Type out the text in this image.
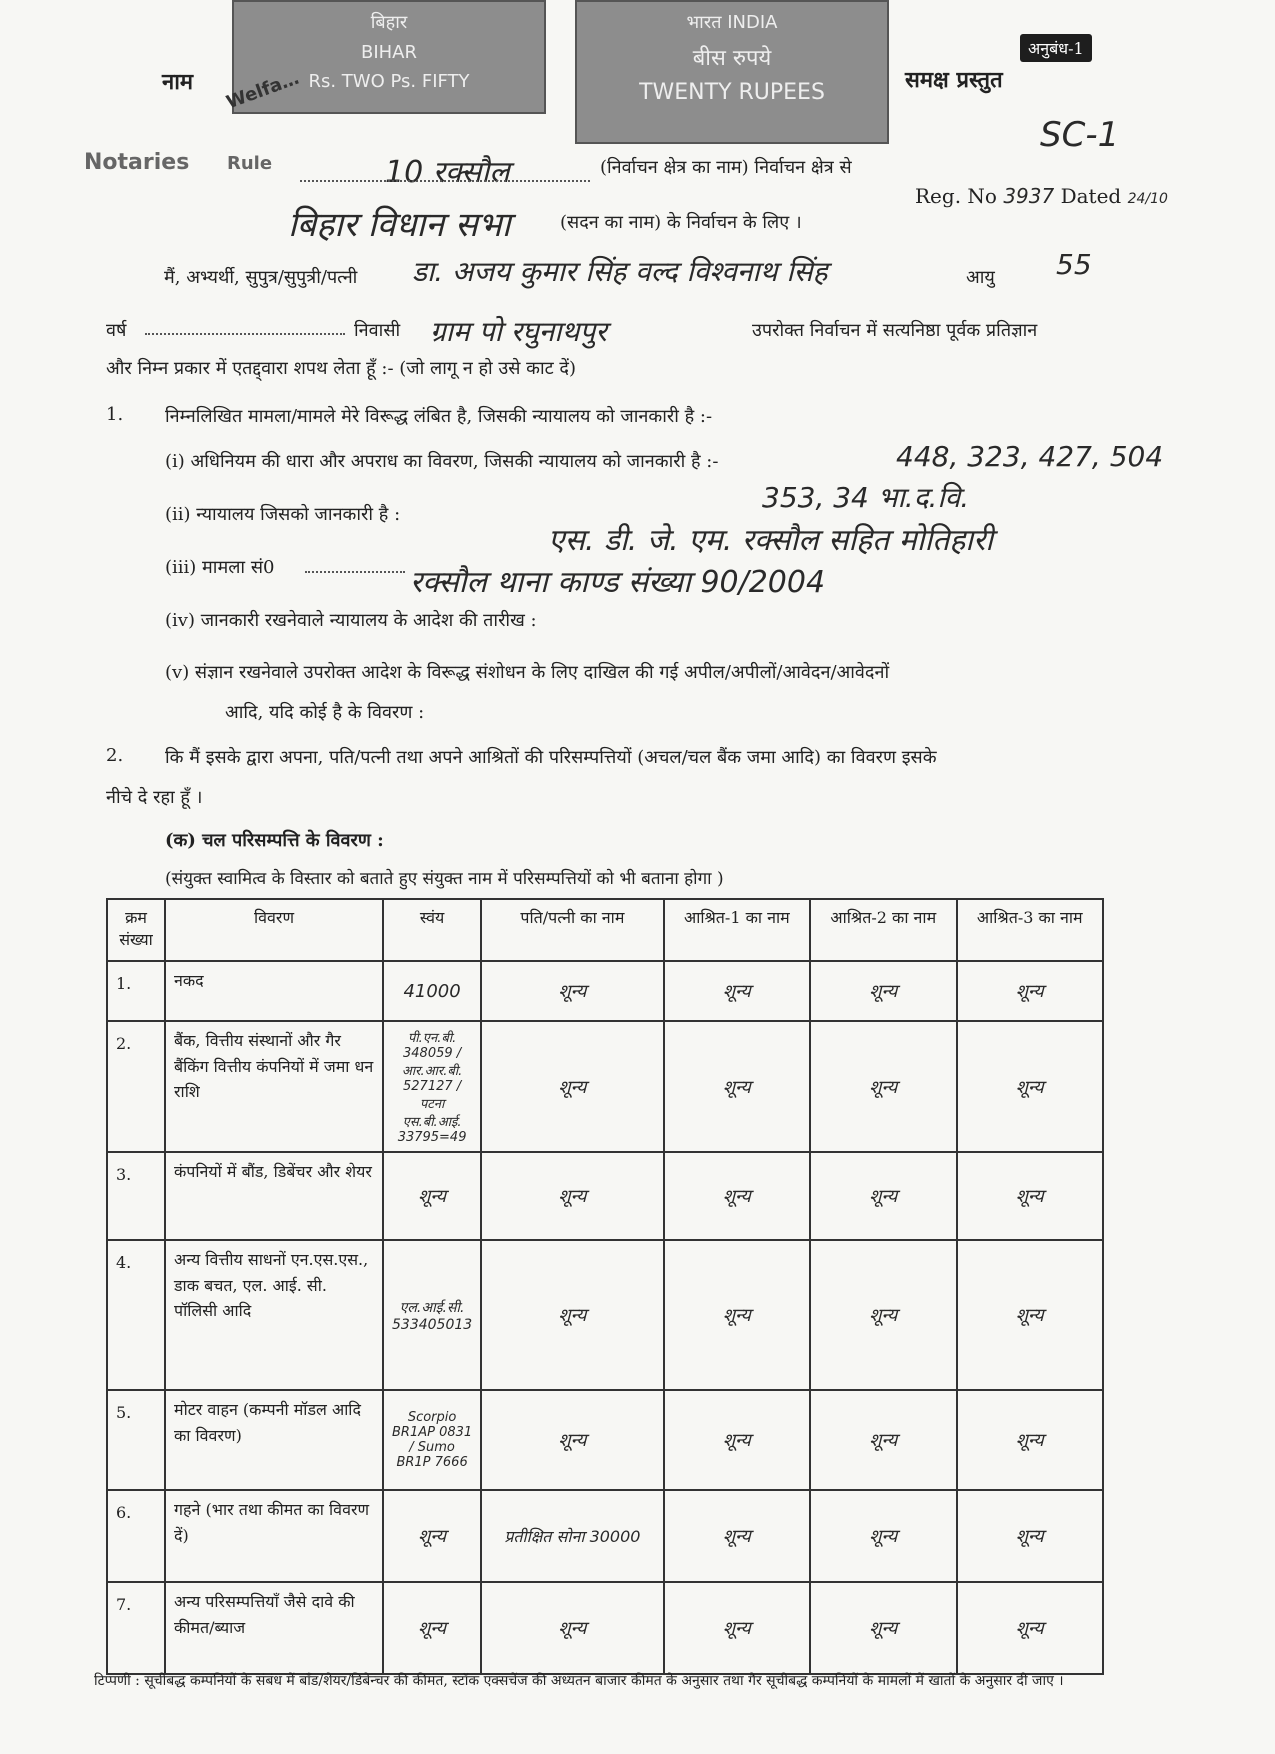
बिहार
BIHAR
Rs. TWO Ps. FIFTY
भारत INDIA
बीस रुपये
TWENTY RUPEES
अनुबंध-1
SC-1
नाम	समक्ष प्रस्तुत
Notaries Rule
Welfa…
10 रक्सौल	(निर्वाचन क्षेत्र का नाम) निर्वाचन क्षेत्र से
Reg. No 3937 Dated 24/10
बिहार विधान सभा	(सदन का नाम) के निर्वाचन के लिए ।
मैं, अभ्यर्थी, सुपुत्र/सुपुत्री/पत्नी डा. अजय कुमार सिंह वल्द विश्वनाथ सिंह	आयु 55
वर्ष	निवासी ग्राम पो रघुनाथपुर	उपरोक्त निर्वाचन में सत्यनिष्ठा पूर्वक प्रतिज्ञान
और निम्न प्रकार में एतद्द्वारा शपथ लेता हूँ :- (जो लागू न हो उसे काट दें)
1. निम्नलिखित मामला/मामले मेरे विरूद्ध लंबित है, जिसकी न्यायालय को जानकारी है :-
(i) अधिनियम की धारा और अपराध का विवरण, जिसकी न्यायालय को जानकारी है :-	448, 323, 427, 504
353, 34 भा.द.वि.
(ii) न्यायालय जिसको जानकारी है :
एस. डी. जे. एम. रक्सौल सहित मोतिहारी
(iii) मामला सं0	रक्सौल थाना काण्ड संख्या 90/2004
(iv) जानकारी रखनेवाले न्यायालय के आदेश की तारीख :
(v) संज्ञान रखनेवाले उपरोक्त आदेश के विरूद्ध संशोधन के लिए दाखिल की गई अपील/अपीलों/आवेदन/आवेदनों
आदि, यदि कोई है के विवरण :
2. कि मैं इसके द्वारा अपना, पति/पत्नी तथा अपने आश्रितों की परिसम्पत्तियों (अचल/चल बैंक जमा आदि) का विवरण इसके
नीचे दे रहा हूँ ।
(क) चल परिसम्पत्ति के विवरण :
(संयुक्त स्वामित्व के विस्तार को बताते हुए संयुक्त नाम में परिसम्पत्तियों को भी बताना होगा )
क्रम संख्या	विवरण	स्वंय	पति/पत्नी का नाम	आश्रित-1 का नाम	आश्रित-2 का नाम	आश्रित-3 का नाम
1.	नकद	41000	शून्य	शून्य	शून्य	शून्य
2.	बैंक, वित्तीय संस्थानों और गैर बैंकिंग वित्तीय कंपनियों में जमा धन राशि	पी.एन.बी. 348059 / आर.आर.बी. 527127 / पटना एस.बी.आई. 33795=49	शून्य	शून्य	शून्य	शून्य
3.	कंपनियों में बौंड, डिबेंचर और शेयर	शून्य	शून्य	शून्य	शून्य	शून्य
4.	अन्य वित्तीय साधनों एन.एस.एस., डाक बचत, एल. आई. सी. पॉलिसी आदि	एल.आई.सी. 533405013	शून्य	शून्य	शून्य	शून्य
5.	मोटर वाहन (कम्पनी मॉडल आदि का विवरण)	Scorpio BR1AP 0831 / Sumo BR1P 7666	शून्य	शून्य	शून्य	शून्य
6.	गहने (भार तथा कीमत का विवरण दें)	शून्य	प्रतीक्षित सोना 30000	शून्य	शून्य	शून्य
7.	अन्य परिसम्पत्तियाँ जैसे दावे की कीमत/ब्याज	शून्य	शून्य	शून्य	शून्य	शून्य
टिप्पणी : सूचीबद्ध कम्पनियों के संबंध में बाँड/शेयर/डिबेन्चर की कीमत, स्टॉक एक्सचेंज की अध्यतन बाजार कीमत के अनुसार तथा गैर सूचीबद्ध कम्पनियों के मामलों में खातों के अनुसार दी जाए ।
